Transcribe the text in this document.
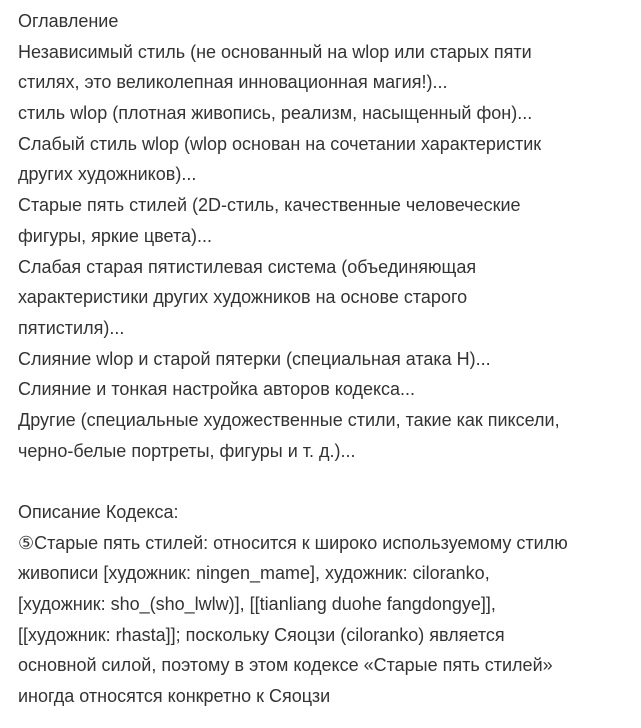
Оглавление
Независимый стиль (не основанный на wlop или старых пяти
стилях, это великолепная инновационная магия!)...
стиль wlop (плотная живопись, реализм, насыщенный фон)...
Слабый стиль wlop (wlop основан на сочетании характеристик
других художников)...
Старые пять стилей (2D-стиль, качественные человеческие
фигуры, яркие цвета)...
Слабая старая пятистилевая система (объединяющая
характеристики других художников на основе старого
пятистиля)...
Слияние wlop и старой пятерки (специальная атака H)...
Слияние и тонкая настройка авторов кодекса...
Другие (специальные художественные стили, такие как пиксели,
черно-белые портреты, фигуры и т. д.)...
Описание Кодекса:
⑤Старые пять стилей: относится к широко используемому стилю
живописи [художник: ningen_mame], художник: ciloranko,
[художник: sho_(sho_lwlw)], [[tianliang duohe fangdongye]],
[[художник: rhasta]]; поскольку Сяоцзи (ciloranko) является
основной силой, поэтому в этом кодексе «Старые пять стилей»
иногда относятся конкретно к Сяоцзи
